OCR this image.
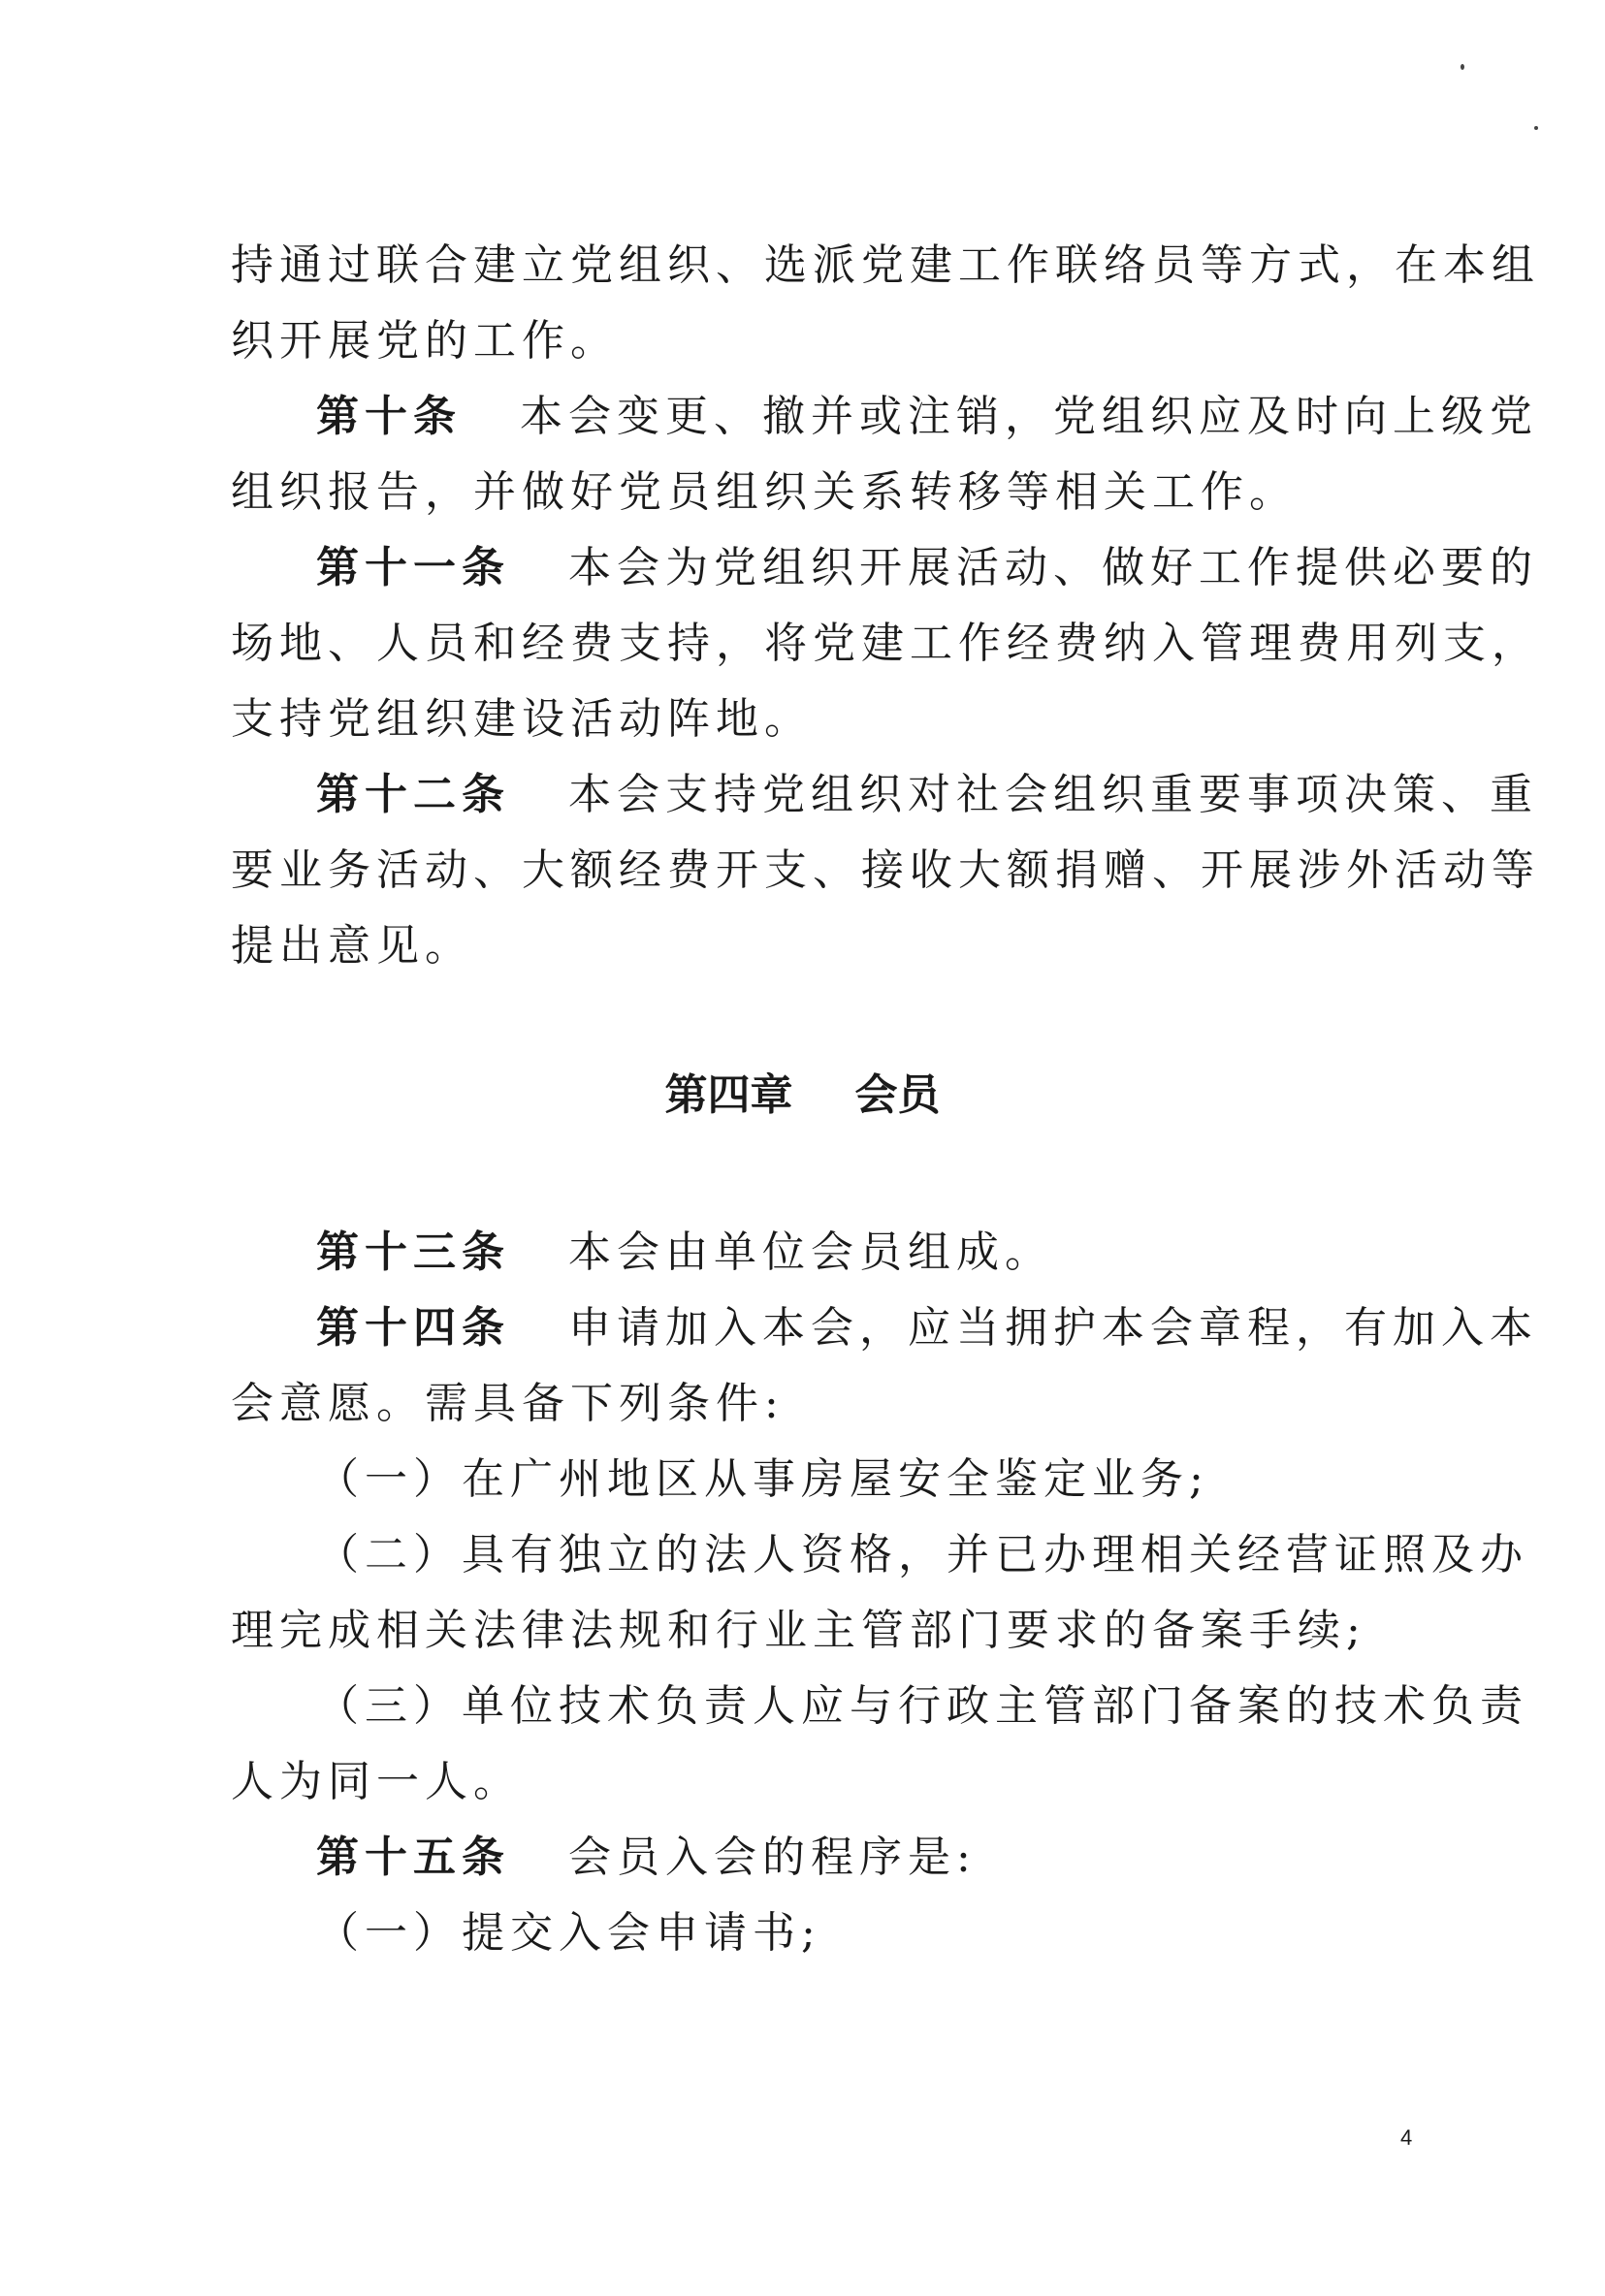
持通过联合建立党组织、选派党建工作联络员等方式，在本组
织开展党的工作。
第十条 本会变更、撤并或注销，党组织应及时向上级党
组织报告，并做好党员组织关系转移等相关工作。
第十一条 本会为党组织开展活动、做好工作提供必要的
场地、人员和经费支持，将党建工作经费纳入管理费用列支，
支持党组织建设活动阵地。
第十二条 本会支持党组织对社会组织重要事项决策、重
要业务活动、大额经费开支、接收大额捐赠、开展涉外活动等
提出意见。
第四章 会员
第十三条 本会由单位会员组成。
第十四条 申请加入本会，应当拥护本会章程，有加入本
会意愿。需具备下列条件:
（一）在广州地区从事房屋安全鉴定业务;
（二）具有独立的法人资格，并已办理相关经营证照及办
理完成相关法律法规和行业主管部门要求的备案手续;
（三）单位技术负责人应与行政主管部门备案的技术负责
人为同一人。
第十五条 会员入会的程序是:
（一）提交入会申请书;
4
